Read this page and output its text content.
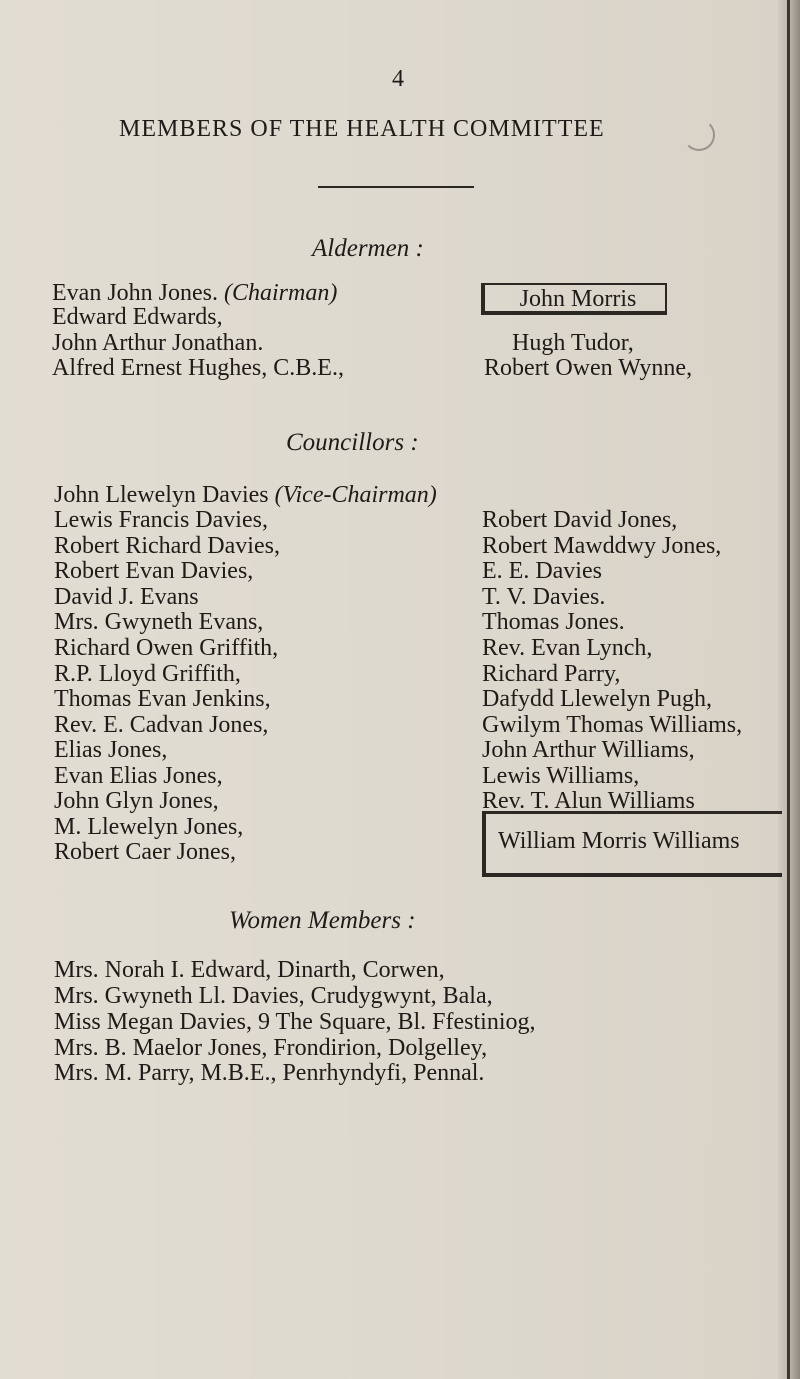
4
MEMBERS OF THE HEALTH COMMITTEE
Aldermen :
Evan John Jones. (Chairman)
Edward Edwards,
John Arthur Jonathan.
Alfred Ernest Hughes, C.B.E.,
John Morris
Hugh Tudor,
Robert Owen Wynne,
Councillors :
John Llewelyn Davies (Vice-Chairman)
Lewis Francis Davies,
Robert Richard Davies,
Robert Evan Davies,
David J. Evans
Mrs. Gwyneth Evans,
Richard Owen Griffith,
R.P. Lloyd Griffith,
Thomas Evan Jenkins,
Rev. E. Cadvan Jones,
Elias Jones,
Evan Elias Jones,
John Glyn Jones,
M. Llewelyn Jones,
Robert Caer Jones,
Robert David Jones,
Robert Mawddwy Jones,
E. E. Davies
T. V. Davies.
Thomas Jones.
Rev. Evan Lynch,
Richard Parry,
Dafydd Llewelyn Pugh,
Gwilym Thomas Williams,
John Arthur Williams,
Lewis Williams,
Rev. T. Alun Williams
William Morris Williams
Women Members :
Mrs. Norah I. Edward, Dinarth, Corwen,
Mrs. Gwyneth Ll. Davies, Crudygwynt, Bala,
Miss Megan Davies, 9 The Square, Bl. Ffestiniog,
Mrs. B. Maelor Jones, Frondirion, Dolgelley,
Mrs. M. Parry, M.B.E., Penrhyndyfi, Pennal.
